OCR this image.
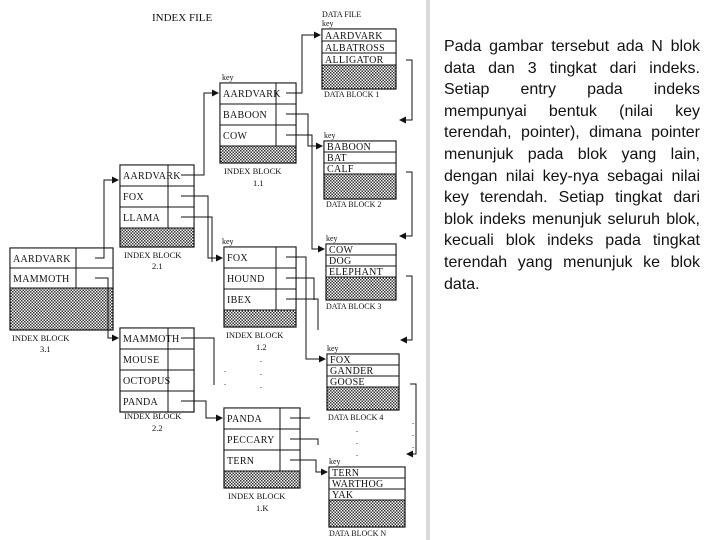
INDEX FILE	DATA FILE
AARDVARK
MAMMOTH
INDEX BLOCK
3.1
AARDVARK
FOX
LLAMA
INDEX BLOCK
2.1
MAMMOTH
MOUSE
OCTOPUS
PANDA
INDEX BLOCK
2.2
key
AARDVARK
BABOON
COW
INDEX BLOCK
1.1
key
FOX
HOUND
IBEX
INDEX BLOCK
1.2
PANDA
PECCARY
TERN
INDEX BLOCK
1.K
key
AARDVARK
ALBATROSS
ALLIGATOR
DATA BLOCK 1
key
BABOON
BAT
CALF
DATA BLOCK 2
key
COW
DOG
ELEPHANT
DATA BLOCK 3
key
FOX
GANDER
GOOSE
DATA BLOCK 4
key
TERN
WARTHOG
YAK
DATA BLOCK N
.
.
.
.
.
.
.
.
.
.
.

Pada gambar tersebut ada N blok data dan 3 tingkat dari indeks. Setiap entry pada indeks mempunyai bentuk (nilai key terendah, pointer), dimana pointer menunjuk pada blok yang lain, dengan nilai key-nya sebagai nilai key terendah. Setiap tingkat dari blok indeks menunjuk seluruh blok, kecuali blok indeks pada tingkat terendah yang menunjuk ke blok data.
